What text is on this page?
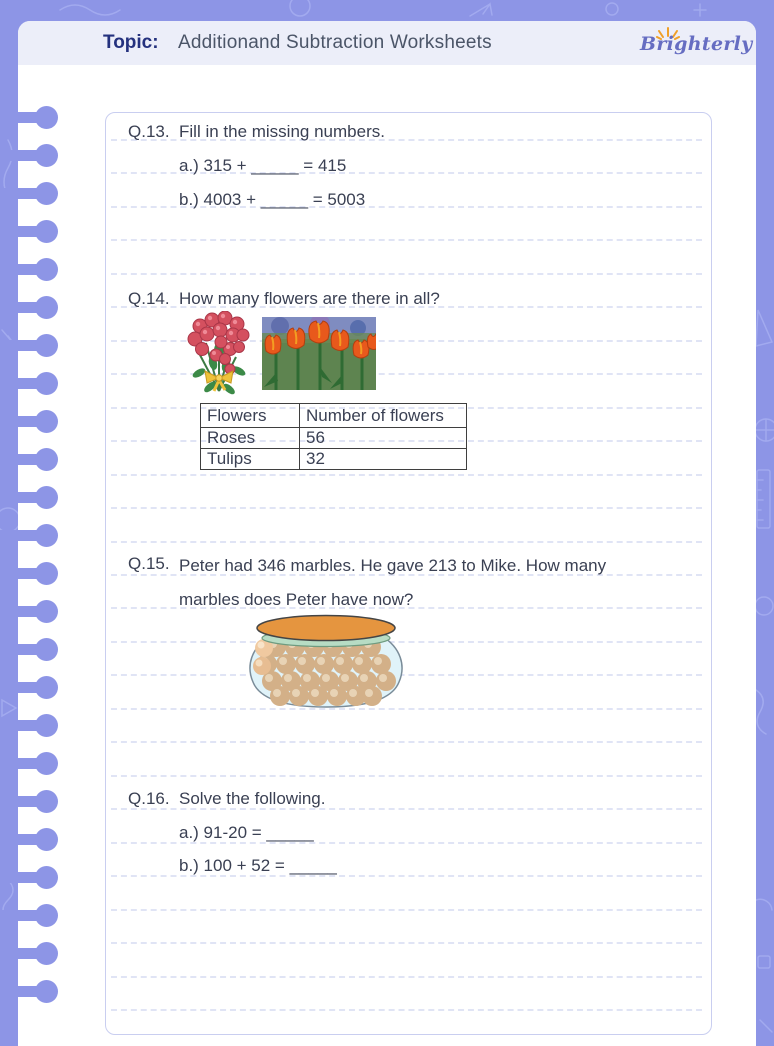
Topic: Additionand Subtraction Worksheets	Brighterly
Q.13. Fill in the missing numbers.
a.) 315 + _____ = 415
b.) 4003 + _____ = 5003
Q.14. How many flowers are there in all?
Flowers	Number of flowers
Roses	56
Tulips	32
Q.15. Peter had 346 marbles. He gave 213 to Mike. How many
marbles does Peter have now?
Q.16. Solve the following.
a.) 91-20 = _____
b.) 100 + 52 = _____
